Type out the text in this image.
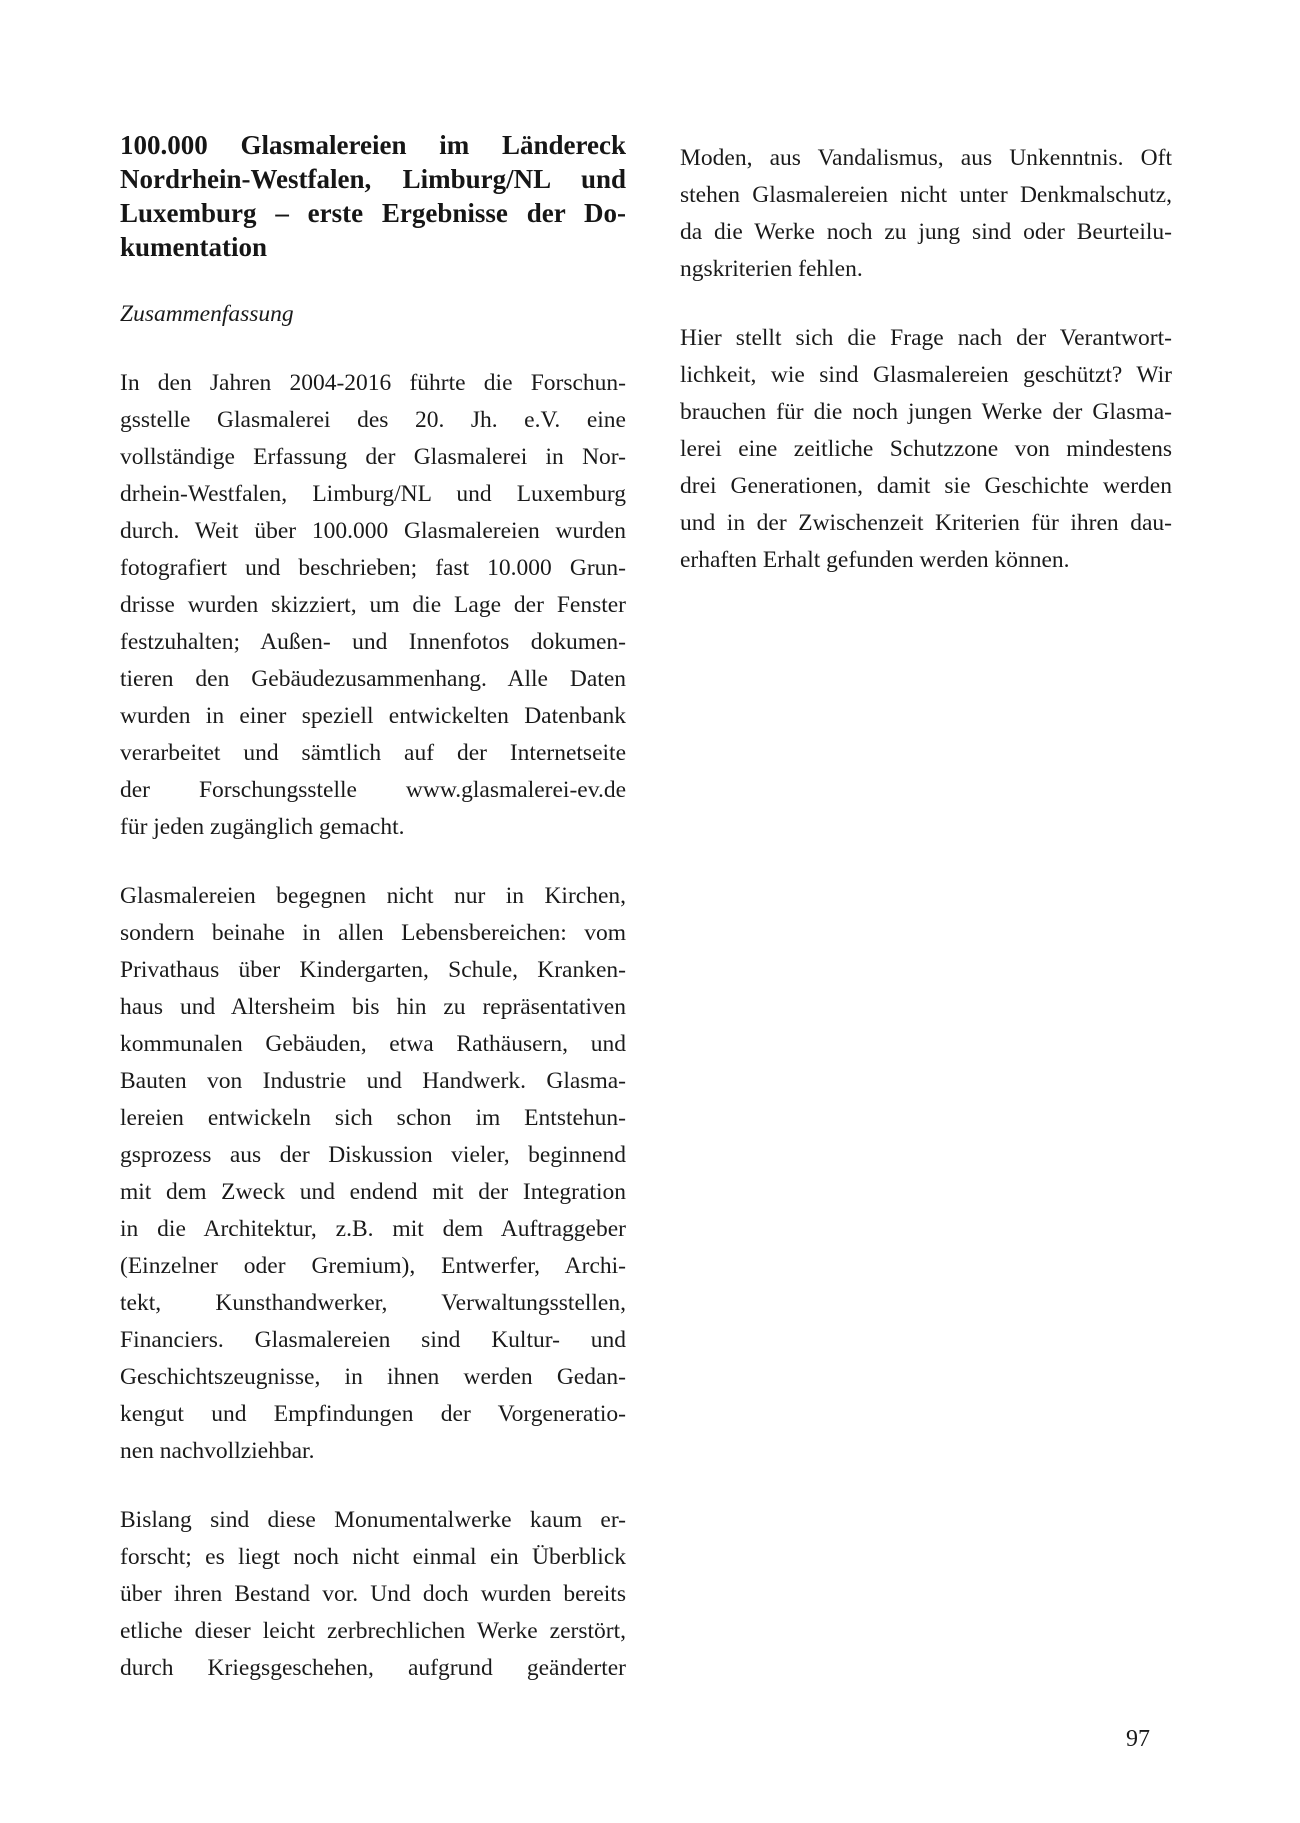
100.000 Glasmalereien im Ländereck
Nordrhein-Westfalen, Limburg/NL und
Luxemburg – erste Ergebnisse der Do-
kumentation
Zusammenfassung
In den Jahren 2004-2016 führte die Forschun-
gsstelle Glasmalerei des 20. Jh. e.V. eine
vollständige Erfassung der Glasmalerei in Nor-
drhein-Westfalen, Limburg/NL und Luxemburg
durch. Weit über 100.000 Glasmalereien wurden
fotografiert und beschrieben; fast 10.000 Grun-
drisse wurden skizziert, um die Lage der Fenster
festzuhalten; Außen- und Innenfotos dokumen-
tieren den Gebäudezusammenhang. Alle Daten
wurden in einer speziell entwickelten Datenbank
verarbeitet und sämtlich auf der Internetseite
der Forschungsstelle www.glasmalerei-ev.de
für jeden zugänglich gemacht.
Glasmalereien begegnen nicht nur in Kirchen,
sondern beinahe in allen Lebensbereichen: vom
Privathaus über Kindergarten, Schule, Kranken-
haus und Altersheim bis hin zu repräsentativen
kommunalen Gebäuden, etwa Rathäusern, und
Bauten von Industrie und Handwerk. Glasma-
lereien entwickeln sich schon im Entstehun-
gsprozess aus der Diskussion vieler, beginnend
mit dem Zweck und endend mit der Integration
in die Architektur, z.B. mit dem Auftraggeber
(Einzelner oder Gremium), Entwerfer, Archi-
tekt, Kunsthandwerker, Verwaltungsstellen,
Financiers. Glasmalereien sind Kultur- und
Geschichtszeugnisse, in ihnen werden Gedan-
kengut und Empfindungen der Vorgeneratio-
nen nachvollziehbar.
Bislang sind diese Monumentalwerke kaum er-
forscht; es liegt noch nicht einmal ein Überblick
über ihren Bestand vor. Und doch wurden bereits
etliche dieser leicht zerbrechlichen Werke zerstört,
durch Kriegsgeschehen, aufgrund geänderter
Moden, aus Vandalismus, aus Unkenntnis. Oft
stehen Glasmalereien nicht unter Denkmalschutz,
da die Werke noch zu jung sind oder Beurteilu-
ngskriterien fehlen.
Hier stellt sich die Frage nach der Verantwort-
lichkeit, wie sind Glasmalereien geschützt? Wir
brauchen für die noch jungen Werke der Glasma-
lerei eine zeitliche Schutzzone von mindestens
drei Generationen, damit sie Geschichte werden
und in der Zwischenzeit Kriterien für ihren dau-
erhaften Erhalt gefunden werden können.
97
